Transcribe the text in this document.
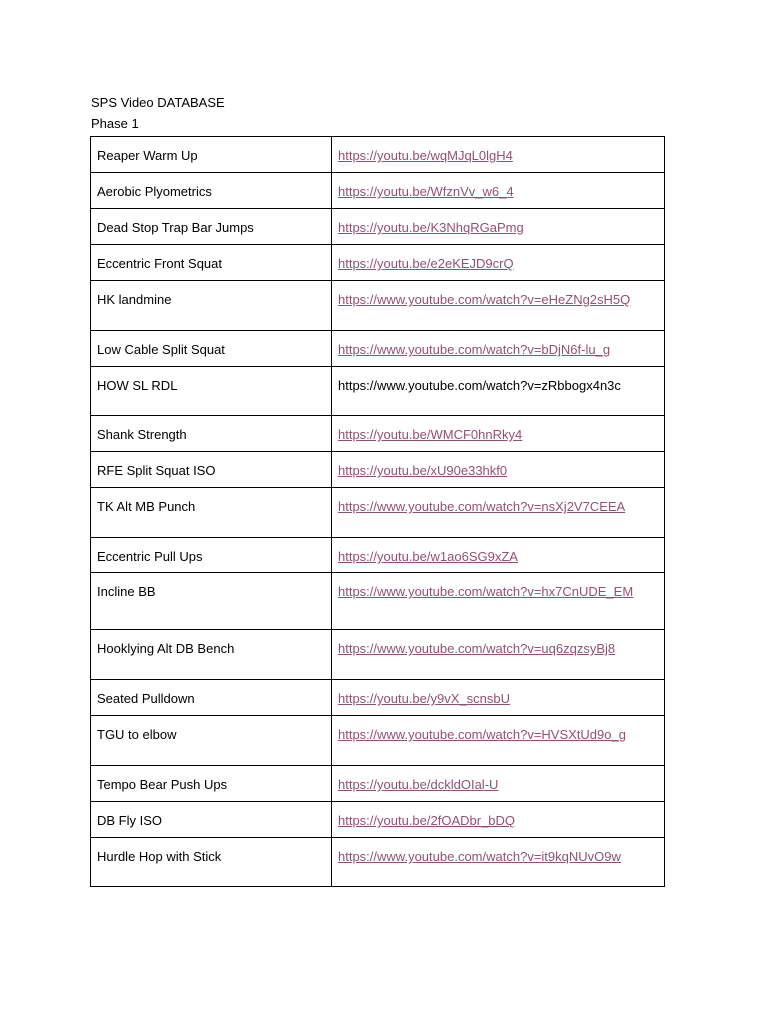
SPS Video DATABASE
Phase 1
Reaper Warm Up	https://youtu.be/wqMJqL0lgH4
Aerobic Plyometrics	https://youtu.be/WfznVv_w6_4
Dead Stop Trap Bar Jumps	https://youtu.be/K3NhqRGaPmg
Eccentric Front Squat	https://youtu.be/e2eKEJD9crQ
HK landmine	https://www.youtube.com/watch?v=eHeZNg2sH5Q
Low Cable Split Squat	https://www.youtube.com/watch?v=bDjN6f-lu_g
HOW SL RDL	https://www.youtube.com/watch?v=zRbbogx4n3c
Shank Strength	https://youtu.be/WMCF0hnRky4
RFE Split Squat ISO	https://youtu.be/xU90e33hkf0
TK Alt MB Punch	https://www.youtube.com/watch?v=nsXj2V7CEEA
Eccentric Pull Ups	https://youtu.be/w1ao6SG9xZA
Incline BB	https://www.youtube.com/watch?v=hx7CnUDE_EM
Hooklying Alt DB Bench	https://www.youtube.com/watch?v=uq6zqzsyBj8
Seated Pulldown	https://youtu.be/y9vX_scnsbU
TGU to elbow	https://www.youtube.com/watch?v=HVSXtUd9o_g
Tempo Bear Push Ups	https://youtu.be/dckldOIal-U
DB Fly ISO	https://youtu.be/2fOADbr_bDQ
Hurdle Hop with Stick	https://www.youtube.com/watch?v=it9kqNUvO9w
